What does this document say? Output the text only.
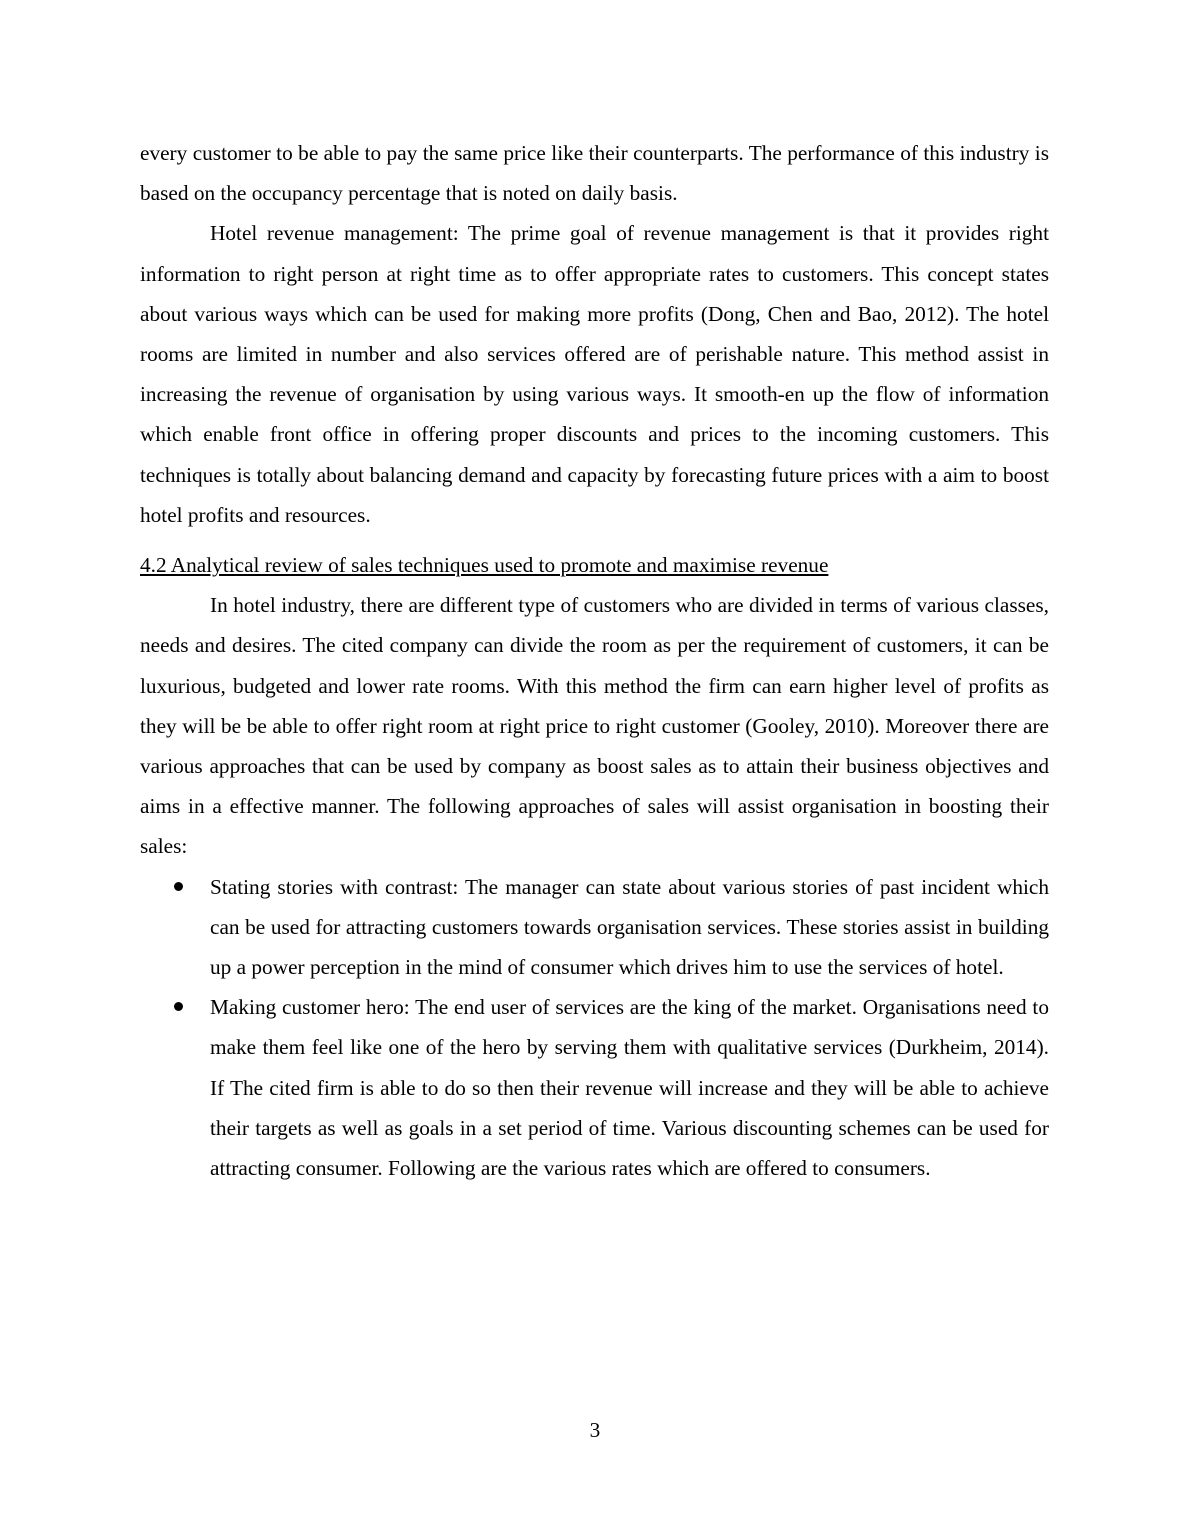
every customer to be able to pay the same price like their counterparts. The performance of this industry is based on the occupancy percentage that is noted on daily basis.

Hotel revenue management: The prime goal of revenue management is that it provides right information to right person at right time as to offer appropriate rates to customers. This concept states about various ways which can be used for making more profits (Dong, Chen and Bao, 2012). The hotel rooms are limited in number and also services offered are of perishable nature. This method assist in increasing the revenue of organisation by using various ways. It smooth-en up the flow of information which enable front office in offering proper discounts and prices to the incoming customers. This techniques is totally about balancing demand and capacity by forecasting future prices with a aim to boost hotel profits and resources.

4.2 Analytical review of sales techniques used to promote and maximise revenue

In hotel industry, there are different type of customers who are divided in terms of various classes, needs and desires. The cited company can divide the room as per the requirement of customers, it can be luxurious, budgeted and lower rate rooms. With this method the firm can earn higher level of profits as they will be be able to offer right room at right price to right customer (Gooley, 2010). Moreover there are various approaches that can be used by company as boost sales as to attain their business objectives and aims in a effective manner. The following approaches of sales will assist organisation in boosting their sales:

Stating stories with contrast: The manager can state about various stories of past incident which can be used for attracting customers towards organisation services. These stories assist in building up a power perception in the mind of consumer which drives him to use the services of hotel.
Making customer hero: The end user of services are the king of the market. Organisations need to make them feel like one of the hero by serving them with qualitative services (Durkheim, 2014). If The cited firm is able to do so then their revenue will increase and they will be able to achieve their targets as well as goals in a set period of time. Various discounting schemes can be used for attracting consumer. Following are the various rates which are offered to consumers.
3
